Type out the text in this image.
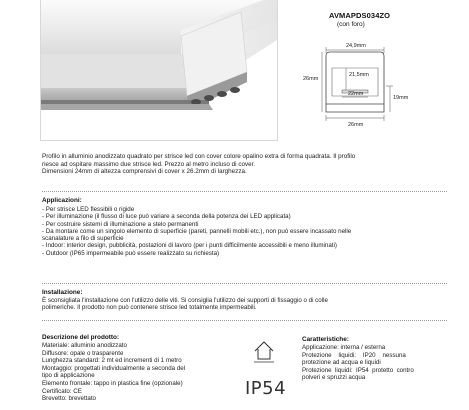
AVMAPDS034ZO
(con foro)
24,9mm
26mm
21,5mm
22mm
26mm
19mm
Profilo in alluminio anodizzato quadrato per strisce led con cover colore opalino extra di forma quadrata. Il profilo
riesce ad ospitare massimo due strisce led. Prezzo al metro incluso di cover.
Dimensioni 24mm di altezza comprensivi di cover x 26.2mm di larghezza.
Applicazioni:
- Per strisce LED flessibili o rigide
- Per illuminazione (il flusso di luce può variare a seconda della potenza dei LED applicata)
- Per costruire sistemi di illuminazione a stelo permanenti
- Da montare come un singolo elemento di superficie (pareti, pannelli mobili etc.), non può essere incassato nelle
scanalature a filo di superficie
- Indoor: interior design, pubblicità, postazioni di lavoro (per i punti difficilmente accessibili e meno illuminati)
- Outdoor (IP65 impermeabile può essere realizzato su richiesta)
Installazione:
È sconsigliata l'installazione con l'utilizzo delle viti. Si consiglia l'utilizzo dei supporti di fissaggio o di colle
polimeriche. Il prodotto non può contenere strisce led totalmente impermeabili.
Descrizione del prodotto:
Materiale: alluminio anodizzato
Diffusore: opale o trasparente
Lunghezza standard: 2 mt ed incrementi di 1 metro
Montaggio: progettati individualmente a seconda del
tipo di applicazione
Elemento frontale: tappo in plastica fine (opzionale)
Certificato: CE
Brevetto: brevettato	IP54
Caratteristiche:
Applicazione: interna / esterna
Protezione    liquidi:    IP20    nessuna
protezione ad acqua e liquidi
Protezione  liquidi:  IP54  protetto  contro
polveri e spruzzi acqua
